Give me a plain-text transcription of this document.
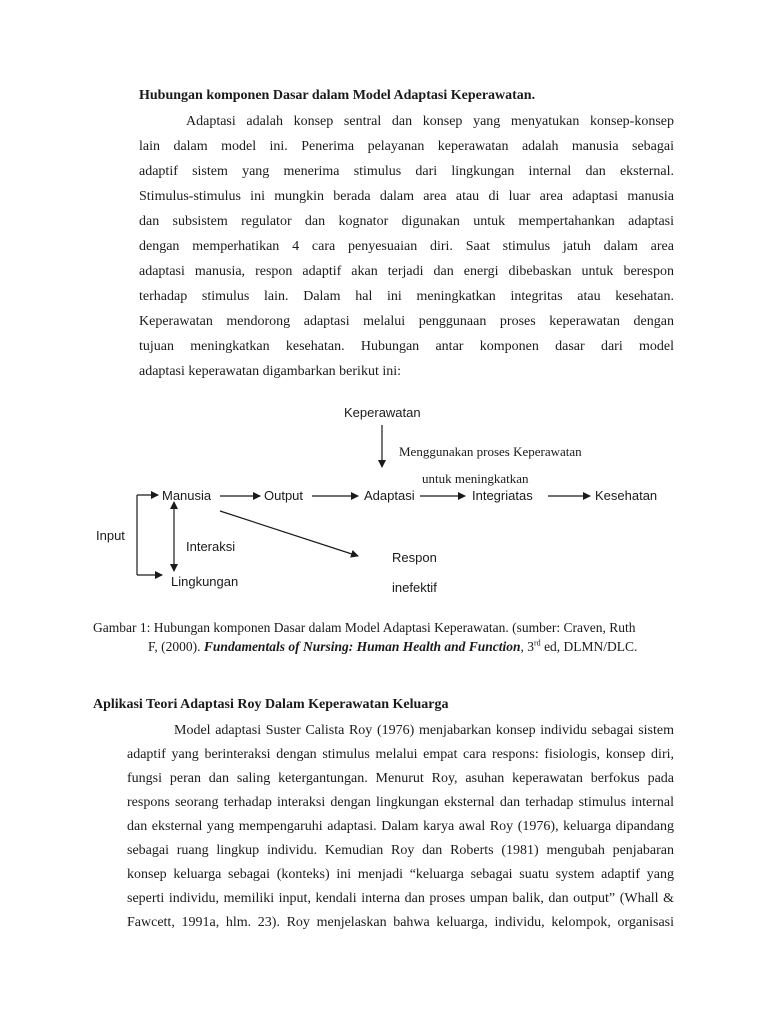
Hubungan komponen Dasar dalam Model Adaptasi Keperawatan.
Adaptasi adalah konsep sentral dan konsep yang menyatukan konsep-konsep
lain dalam model ini. Penerima pelayanan keperawatan adalah manusia sebagai
adaptif sistem yang menerima stimulus dari lingkungan internal dan eksternal.
Stimulus-stimulus ini mungkin berada dalam area atau di luar area adaptasi manusia
dan subsistem regulator dan kognator digunakan untuk mempertahankan adaptasi
dengan memperhatikan 4 cara penyesuaian diri. Saat stimulus jatuh dalam area
adaptasi manusia, respon adaptif akan terjadi dan energi dibebaskan untuk berespon
terhadap stimulus lain. Dalam hal ini meningkatkan integritas atau kesehatan.
Keperawatan mendorong adaptasi melalui penggunaan proses keperawatan dengan
tujuan meningkatkan kesehatan. Hubungan antar komponen dasar dari model
adaptasi keperawatan digambarkan berikut ini:
Keperawatan
Menggunakan proses Keperawatan
untuk meningkatkan
Input
Manusia	Output	Adaptasi	Integriatas	Kesehatan
Interaksi
Lingkungan
Respon
inefektif
Gambar 1: Hubungan komponen Dasar dalam Model Adaptasi Keperawatan. (sumber: Craven, Ruth
F, (2000). Fundamentals of Nursing: Human Health and Function, 3rd ed, DLMN/DLC.
Aplikasi Teori Adaptasi Roy Dalam Keperawatan Keluarga
Model adaptasi Suster Calista Roy (1976) menjabarkan konsep individu sebagai sistem
adaptif yang berinteraksi dengan stimulus melalui empat cara respons: fisiologis, konsep diri,
fungsi peran dan saling ketergantungan. Menurut Roy, asuhan keperawatan berfokus pada
respons seorang terhadap interaksi dengan lingkungan eksternal dan terhadap stimulus internal
dan eksternal yang mempengaruhi adaptasi. Dalam karya awal Roy (1976), keluarga dipandang
sebagai ruang lingkup individu. Kemudian Roy dan Roberts (1981) mengubah penjabaran
konsep keluarga sebagai (konteks) ini menjadi “keluarga sebagai suatu system adaptif yang
seperti individu, memiliki input, kendali interna dan proses umpan balik, dan output” (Whall &
Fawcett, 1991a, hlm. 23). Roy menjelaskan bahwa keluarga, individu, kelompok, organisasi
